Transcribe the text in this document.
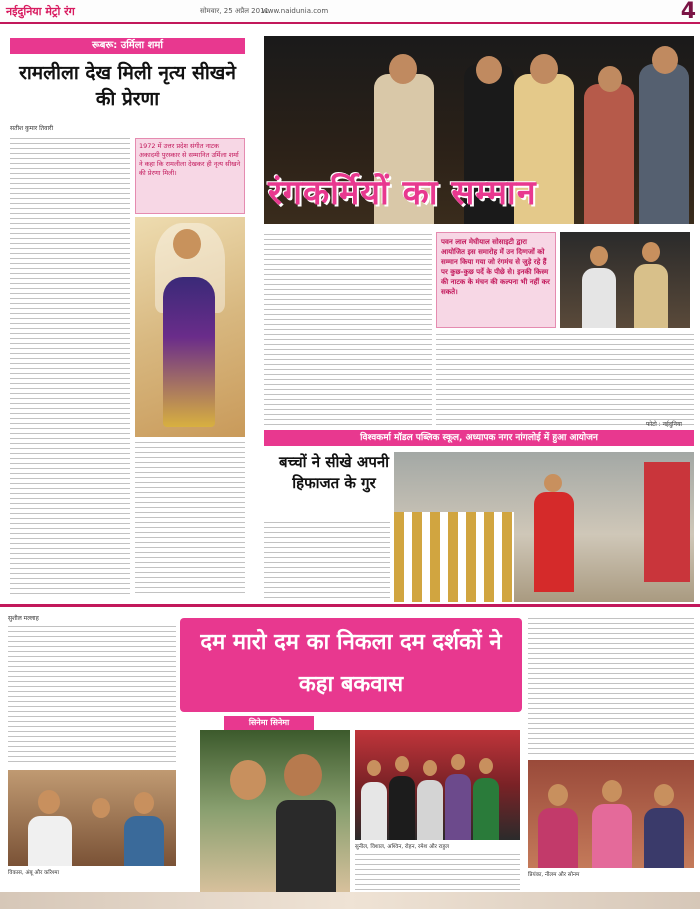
नईदुनिया मेट्रो रंग	सोमवार, 25 अप्रैल 2011
www.naidunia.com	4
रूबरू: उर्मिला शर्मा
रामलीला देख मिली नृत्य सीखने की प्रेरणा
सतीश कुमार तिवारी
1972 में उत्तर प्रदेश संगीत नाटक अकादमी पुरस्कार से सम्मानित उर्मिला शर्मा ने कहा कि रामलीला देखकर ही नृत्य सीखने की प्रेरणा मिली।	रंगकर्मियों का सम्मान
पवन लाल मेघीयाल सोसाइटी द्वारा आयोजित इस समारोह में उन दिग्गजों को सम्मान किया गया जो रंगमंच से जुड़े रहे हैं पर कुछ-कुछ पर्दे के पीछे से। इनकी किस्म की नाटक के मंचन की कल्पना भी नहीं कर सकते।
फोटो : नईदुनिया
विश्वकर्मा मॉडल पब्लिक स्कूल, अध्यापक नगर नांगलोई में हुआ आयोजन
बच्चों ने सीखे अपनी हिफाजत के गुर
सुशील मल्लाह
दम मारो दम का निकला दम दर्शकों ने कहा बकवास
सिनेमा सिनेमा
सुनील, विशाल, अश्विन, रोहन, रमेश और राहुल
विकास, अंबू और करिश्मा	प्रियंका, नीलम और सोनम
